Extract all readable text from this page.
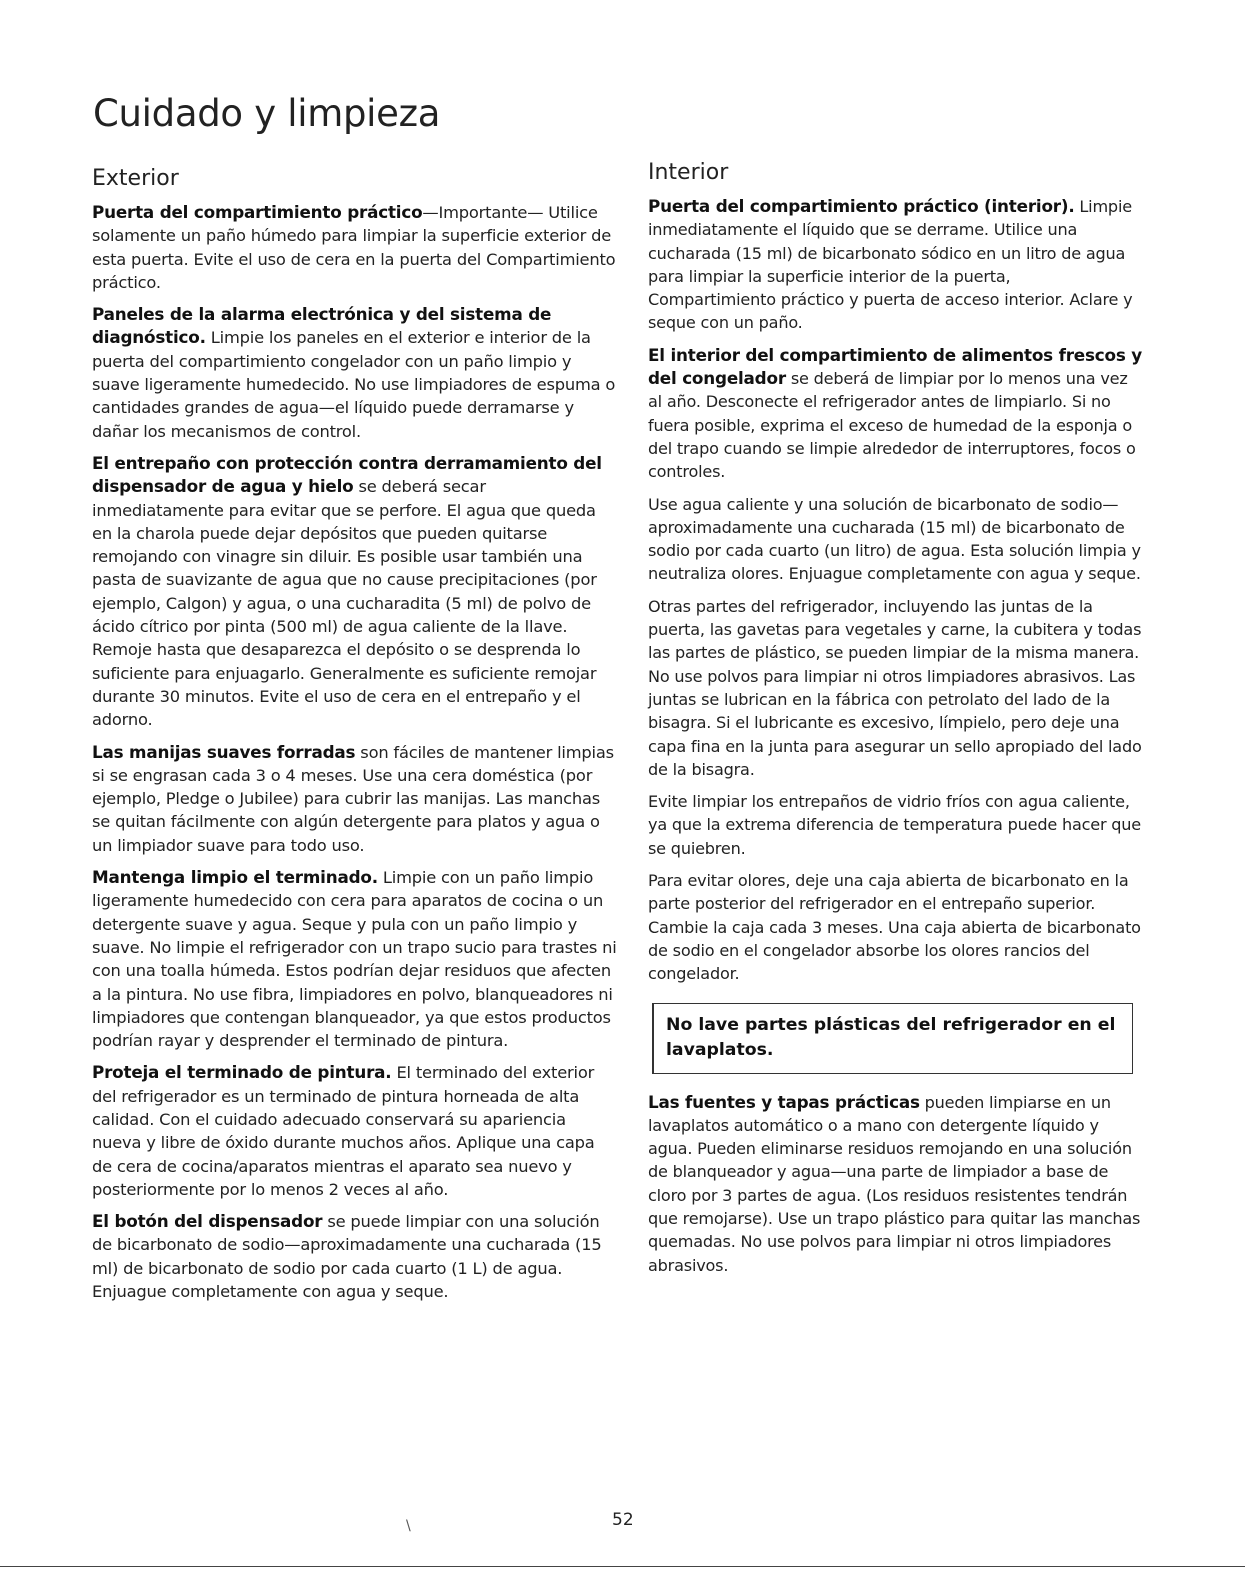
Cuidado y limpieza
Exterior

Puerta del compartimiento práctico—Importante— Utilice solamente un paño húmedo para limpiar la superficie exterior de esta puerta. Evite el uso de cera en la puerta del Compartimiento práctico.

Paneles de la alarma electrónica y del sistema de diagnóstico. Limpie los paneles en el exterior e interior de la puerta del compartimiento congelador con un paño limpio y suave ligeramente humedecido. No use limpiadores de espuma o cantidades grandes de agua—el líquido puede derramarse y dañar los mecanismos de control.

El entrepaño con protección contra derramamiento del dispensador de agua y hielo se deberá secar inmediatamente para evitar que se perfore. El agua que queda en la charola puede dejar depósitos que pueden quitarse remojando con vinagre sin diluir. Es posible usar también una pasta de suavizante de agua que no cause precipitaciones (por ejemplo, Calgon) y agua, o una cucharadita (5 ml) de polvo de ácido cítrico por pinta (500 ml) de agua caliente de la llave. Remoje hasta que desaparezca el depósito o se desprenda lo suficiente para enjuagarlo. Generalmente es suficiente remojar durante 30 minutos. Evite el uso de cera en el entrepaño y el adorno.

Las manijas suaves forradas son fáciles de mantener limpias si se engrasan cada 3 o 4 meses. Use una cera doméstica (por ejemplo, Pledge o Jubilee) para cubrir las manijas. Las manchas se quitan fácilmente con algún detergente para platos y agua o un limpiador suave para todo uso.

Mantenga limpio el terminado. Limpie con un paño limpio ligeramente humedecido con cera para aparatos de cocina o un detergente suave y agua. Seque y pula con un paño limpio y suave. No limpie el refrigerador con un trapo sucio para trastes ni con una toalla húmeda. Estos podrían dejar residuos que afecten a la pintura. No use fibra, limpiadores en polvo, blanqueadores ni limpiadores que contengan blanqueador, ya que estos productos podrían rayar y desprender el terminado de pintura.

Proteja el terminado de pintura. El terminado del exterior del refrigerador es un terminado de pintura horneada de alta calidad. Con el cuidado adecuado conservará su apariencia nueva y libre de óxido durante muchos años. Aplique una capa de cera de cocina/aparatos mientras el aparato sea nuevo y posteriormente por lo menos 2 veces al año.

El botón del dispensador se puede limpiar con una solución de bicarbonato de sodio—aproximadamente una cucharada (15 ml) de bicarbonato de sodio por cada cuarto (1 L) de agua. Enjuague completamente con agua y seque.

Interior

Puerta del compartimiento práctico (interior). Limpie inmediatamente el líquido que se derrame. Utilice una cucharada (15 ml) de bicarbonato sódico en un litro de agua para limpiar la superficie interior de la puerta, Compartimiento práctico y puerta de acceso interior. Aclare y seque con un paño.

El interior del compartimiento de alimentos frescos y del congelador se deberá de limpiar por lo menos una vez al año. Desconecte el refrigerador antes de limpiarlo. Si no fuera posible, exprima el exceso de humedad de la esponja o del trapo cuando se limpie alrededor de interruptores, focos o controles.

Use agua caliente y una solución de bicarbonato de sodio—aproximadamente una cucharada (15 ml) de bicarbonato de sodio por cada cuarto (un litro) de agua. Esta solución limpia y neutraliza olores. Enjuague completamente con agua y seque.

Otras partes del refrigerador, incluyendo las juntas de la puerta, las gavetas para vegetales y carne, la cubitera y todas las partes de plástico, se pueden limpiar de la misma manera. No use polvos para limpiar ni otros limpiadores abrasivos. Las juntas se lubrican en la fábrica con petrolato del lado de la bisagra. Si el lubricante es excesivo, límpielo, pero deje una capa fina en la junta para asegurar un sello apropiado del lado de la bisagra.

Evite limpiar los entrepaños de vidrio fríos con agua caliente, ya que la extrema diferencia de temperatura puede hacer que se quiebren.

Para evitar olores, deje una caja abierta de bicarbonato en la parte posterior del refrigerador en el entrepaño superior. Cambie la caja cada 3 meses. Una caja abierta de bicarbonato de sodio en el congelador absorbe los olores rancios del congelador.

No lave partes plásticas del refrigerador en el lavaplatos.

Las fuentes y tapas prácticas pueden limpiarse en un lavaplatos automático o a mano con detergente líquido y agua. Pueden eliminarse residuos remojando en una solución de blanqueador y agua—una parte de limpiador a base de cloro por 3 partes de agua. (Los residuos resistentes tendrán que remojarse). Use un trapo plástico para quitar las manchas quemadas. No use polvos para limpiar ni otros limpiadores abrasivos.

\	52
